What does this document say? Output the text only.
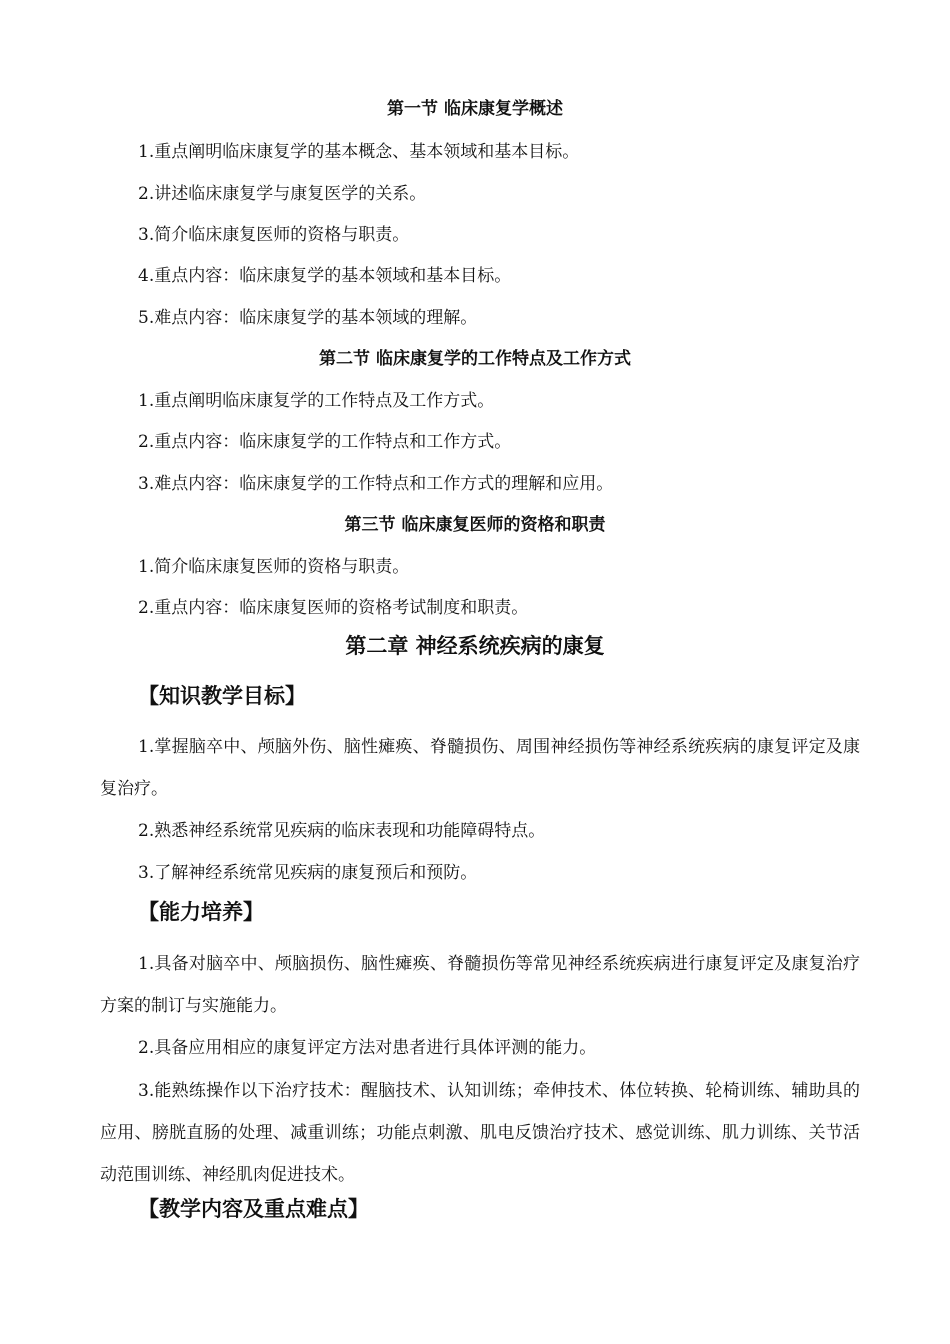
第一节 临床康复学概述
1.重点阐明临床康复学的基本概念、基本领域和基本目标。
2.讲述临床康复学与康复医学的关系。
3.简介临床康复医师的资格与职责。
4.重点内容：临床康复学的基本领域和基本目标。
5.难点内容：临床康复学的基本领域的理解。
第二节 临床康复学的工作特点及工作方式
1.重点阐明临床康复学的工作特点及工作方式。
2.重点内容：临床康复学的工作特点和工作方式。
3.难点内容：临床康复学的工作特点和工作方式的理解和应用。
第三节 临床康复医师的资格和职责
1.简介临床康复医师的资格与职责。
2.重点内容：临床康复医师的资格考试制度和职责。
第二章 神经系统疾病的康复
【知识教学目标】
1.掌握脑卒中、颅脑外伤、脑性瘫痪、脊髓损伤、周围神经损伤等神经系统疾病的康复评定及康复治疗。
2.熟悉神经系统常见疾病的临床表现和功能障碍特点。
3.了解神经系统常见疾病的康复预后和预防。
【能力培养】
1.具备对脑卒中、颅脑损伤、脑性瘫痪、脊髓损伤等常见神经系统疾病进行康复评定及康复治疗方案的制订与实施能力。
2.具备应用相应的康复评定方法对患者进行具体评测的能力。
3.能熟练操作以下治疗技术：醒脑技术、认知训练；牵伸技术、体位转换、轮椅训练、辅助具的应用、膀胱直肠的处理、减重训练；功能点刺激、肌电反馈治疗技术、感觉训练、肌力训练、关节活动范围训练、神经肌肉促进技术。
【教学内容及重点难点】
